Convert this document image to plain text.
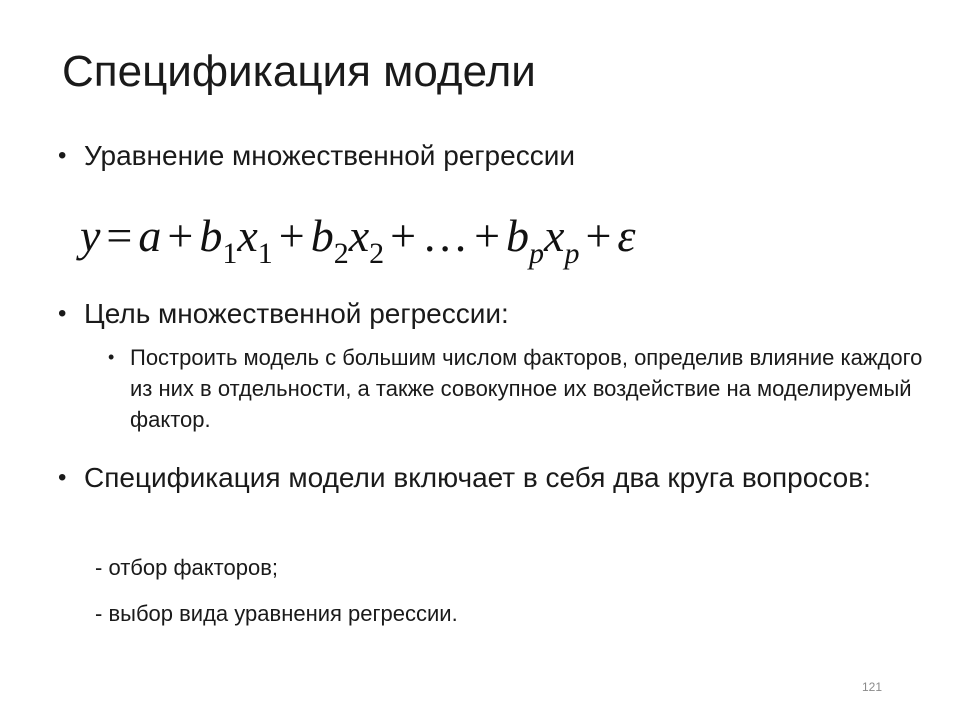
Спецификация модели
• Уравнение множественной регрессии
$y = a + b_1x_1 + b_2x_2$ + … + $b_px_p + \varepsilon$
• Цель множественной регрессии:
• Построить модель с большим числом факторов, определив влияние каждого из них в отдельности, а также совокупное их воздействие на моделируемый фактор.
• Спецификация модели включает в себя два круга вопросов:
- отбор факторов;
- выбор вида уравнения регрессии.
121
